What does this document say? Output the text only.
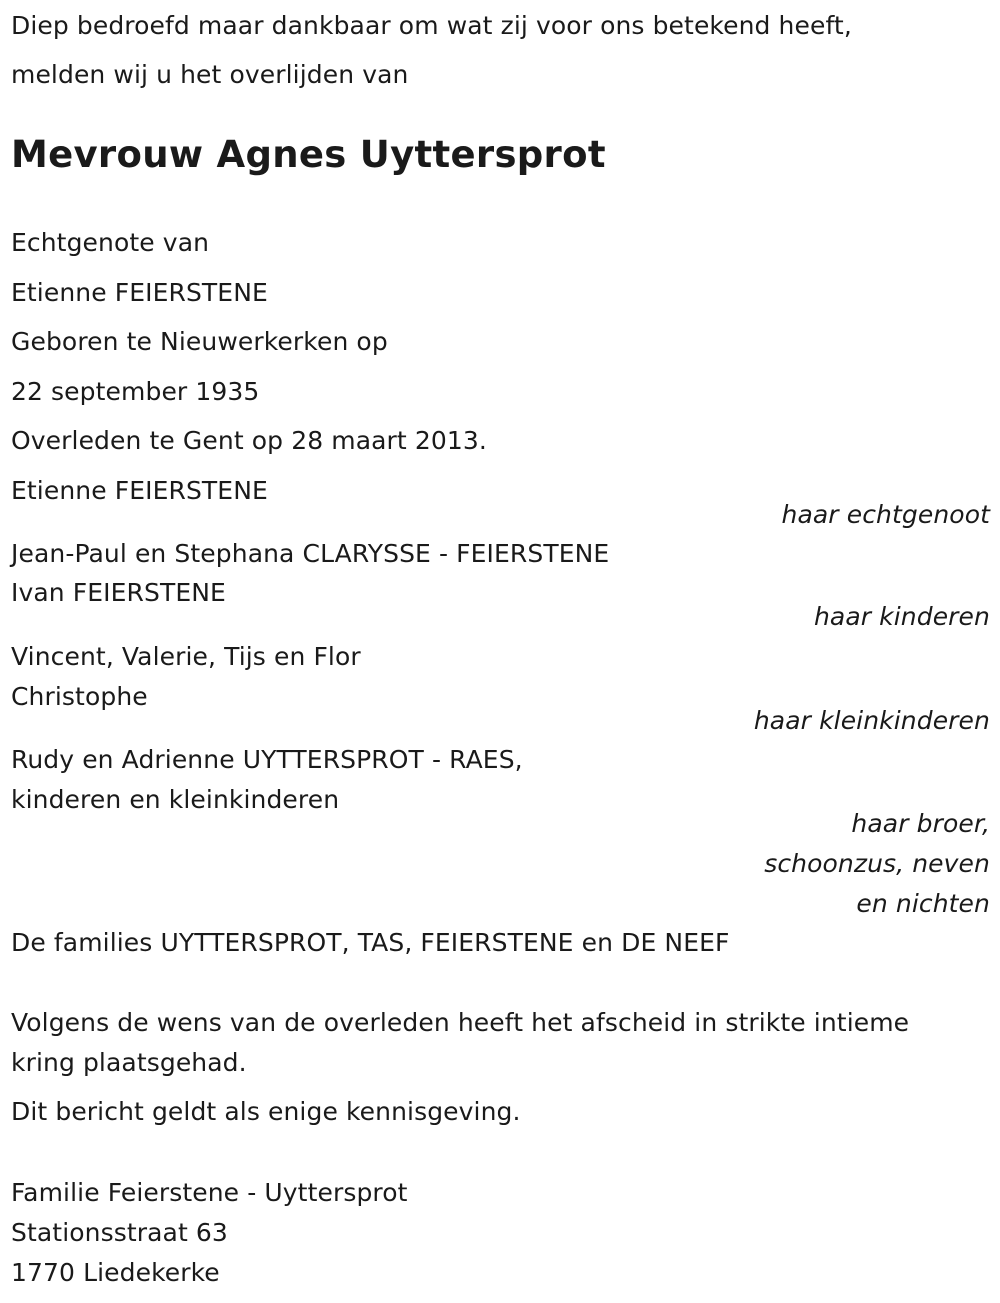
Diep bedroefd maar dankbaar om wat zij voor ons betekend heeft,
melden wij u het overlijden van
Mevrouw Agnes Uyttersprot
Echtgenote van
Etienne FEIERSTENE
Geboren te Nieuwerkerken op
22 september 1935
Overleden te Gent op 28 maart 2013.
Etienne FEIERSTENE
haar echtgenoot
Jean-Paul en Stephana CLARYSSE - FEIERSTENE
Ivan FEIERSTENE
haar kinderen
Vincent, Valerie, Tijs en Flor
Christophe
haar kleinkinderen
Rudy en Adrienne UYTTERSPROT - RAES,
kinderen en kleinkinderen
haar broer,
schoonzus, neven
en nichten
De families UYTTERSPROT, TAS, FEIERSTENE en DE NEEF
Volgens de wens van de overleden heeft het afscheid in strikte intieme
kring plaatsgehad.
Dit bericht geldt als enige kennisgeving.
Familie Feierstene - Uyttersprot
Stationsstraat 63
1770 Liedekerke
